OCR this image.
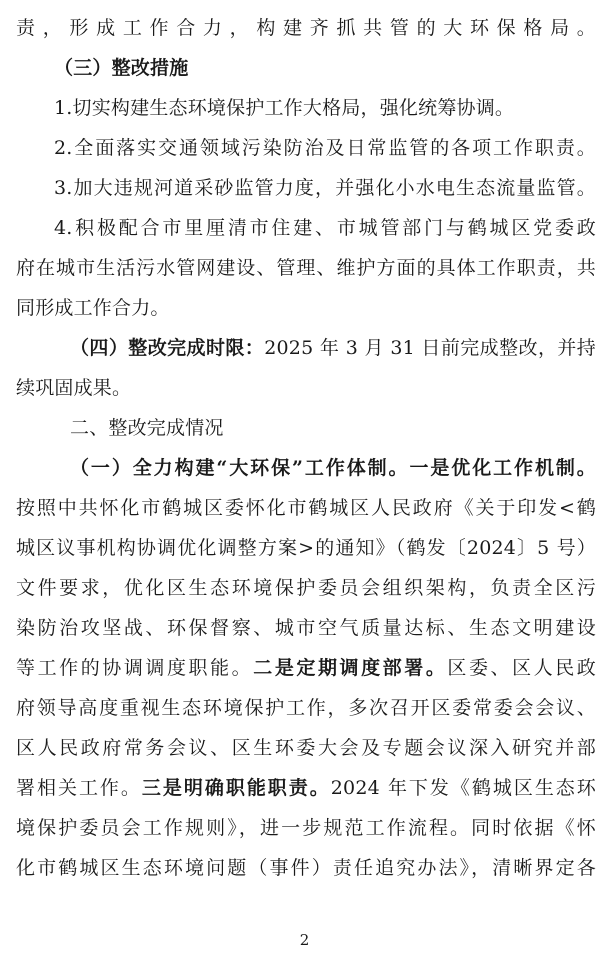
责，形成工作合力，构建齐抓共管的大环保格局。
（三）整改措施
1.切实构建生态环境保护工作大格局，强化统筹协调。
2.全面落实交通领域污染防治及日常监管的各项工作职责。
3.加大违规河道采砂监管力度，并强化小水电生态流量监管。
4.积极配合市里厘清市住建、市城管部门与鹤城区党委政
府在城市生活污水管网建设、管理、维护方面的具体工作职责，共
同形成工作合力。
（四）整改完成时限：2025 年 3 月 31 日前完成整改，并持
续巩固成果。
二、整改完成情况
（一）全力构建“大环保”工作体制。一是优化工作机制。
按照中共怀化市鹤城区委怀化市鹤城区人民政府《关于印发<鹤
城区议事机构协调优化调整方案>的通知》（鹤发〔2024〕5 号）
文件要求，优化区生态环境保护委员会组织架构，负责全区污
染防治攻坚战、环保督察、城市空气质量达标、生态文明建设
等工作的协调调度职能。二是定期调度部署。区委、区人民政
府领导高度重视生态环境保护工作，多次召开区委常委会会议、
区人民政府常务会议、区生环委大会及专题会议深入研究并部
署相关工作。三是明确职能职责。2024 年下发《鹤城区生态环
境保护委员会工作规则》，进一步规范工作流程。同时依据《怀
化市鹤城区生态环境问题（事件）责任追究办法》，清晰界定各
2
